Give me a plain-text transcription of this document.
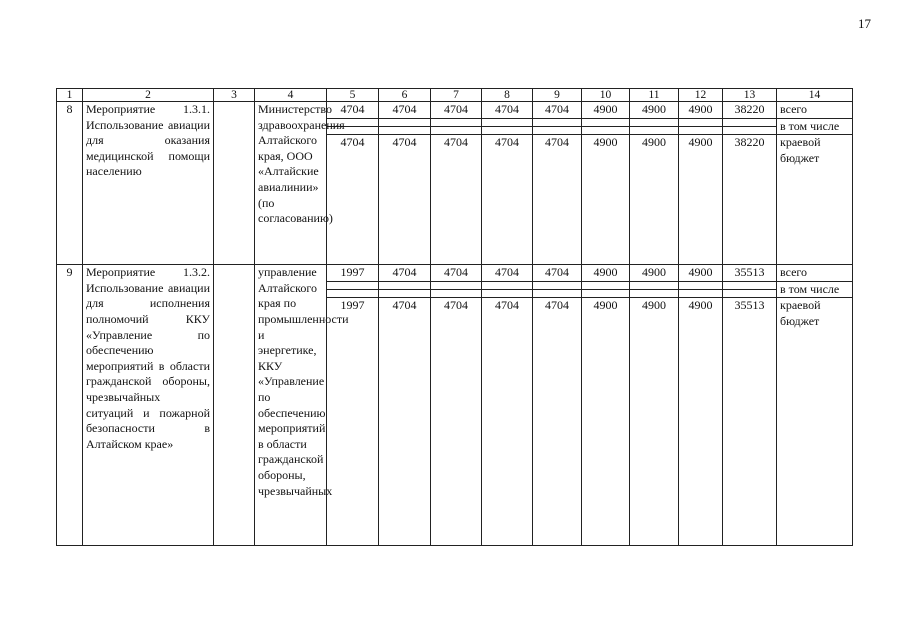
17
1	2	3	4	5	6	7	8	9	10	11	12	13	14
8	Мероприятие 1.3.1. Использование авиации для оказания медицинской помощи населению		Министерство здравоохранения Алтайского края, ООО «Алтайские авиалинии» (по согласованию)	4704	4704	4704	4704	4704	4900	4900	4900	38220	всего
													в том числе

				4704	4704	4704	4704	4704	4900	4900	4900	38220	краевой бюджет
9	Мероприятие 1.3.2. Использование авиации для исполнения полномочий ККУ «Управление по обеспечению мероприятий в области гражданской обороны, чрезвычайных ситуаций и пожарной безопасности в Алтайском крае»		управление Алтайского края по промышленности и энергетике, ККУ «Управление по обеспечению мероприятий в области гражданской обороны, чрезвычайных	1997	4704	4704	4704	4704	4900	4900	4900	35513	всего
													в том числе

				1997	4704	4704	4704	4704	4900	4900	4900	35513	краевой бюджет
